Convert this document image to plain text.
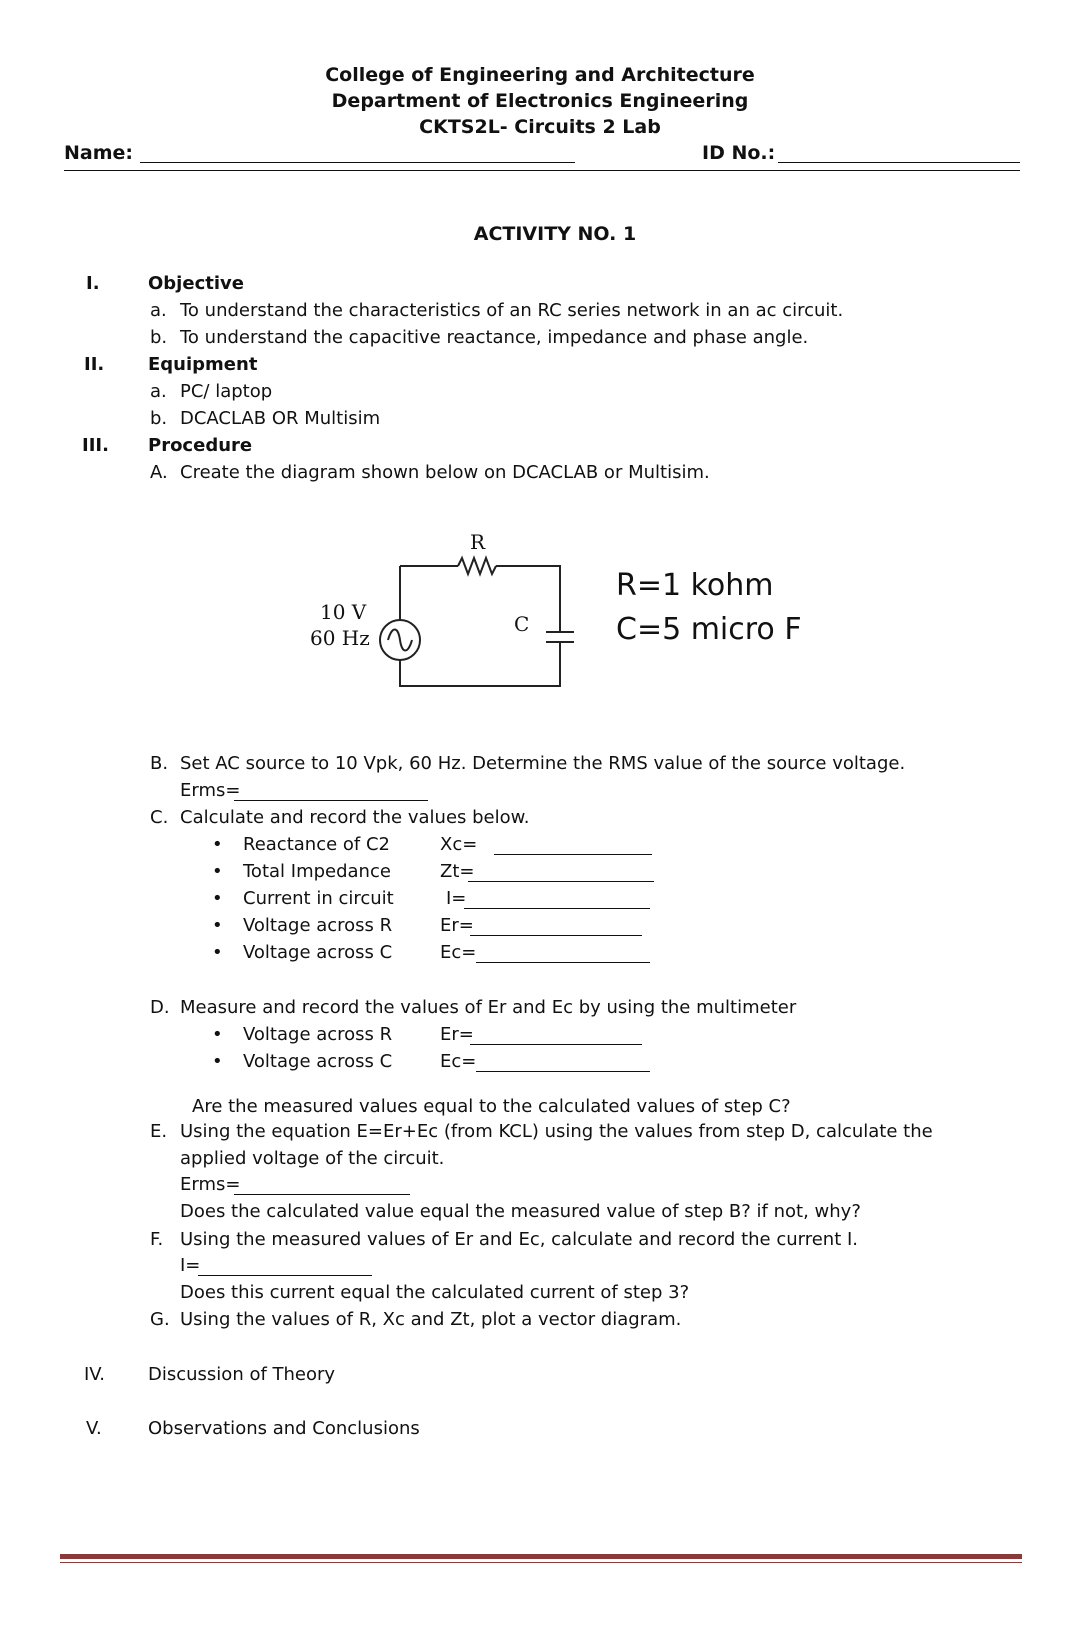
College of Engineering and Architecture
Department of Electronics Engineering
CKTS2L- Circuits 2 Lab
Name:	ID No.:
ACTIVITY NO. 1
I.	Objective
a. To understand the characteristics of an RC series network in an ac circuit.
b. To understand the capacitive reactance, impedance and phase angle.
II. Equipment
a. PC/ laptop
b. DCACLAB OR Multisim
III. Procedure
A. Create the diagram shown below on DCACLAB or Multisim.
R
C
10 V
60 Hz
R=1 kohm
C=5 micro F
B. Set AC source to 10 Vpk, 60 Hz. Determine the RMS value of the source voltage.
Erms=
C. Calculate and record the values below.
• Reactance of C2	Xc=
• Total Impedance	Zt=
• Current in circuit	I=
• Voltage across R	Er=
• Voltage across C	Ec=
D. Measure and record the values of Er and Ec by using the multimeter
• Voltage across R	Er=
• Voltage across C	Ec=
Are the measured values equal to the calculated values of step C?
E. Using the equation E=Er+Ec (from KCL) using the values from step D, calculate the
applied voltage of the circuit.
Erms=
Does the calculated value equal the measured value of step B? if not, why?
F. Using the measured values of Er and Ec, calculate and record the current I.
I=
Does this current equal the calculated current of step 3?
G. Using the values of R, Xc and Zt, plot a vector diagram.
IV. Discussion of Theory
V.	Observations and Conclusions
